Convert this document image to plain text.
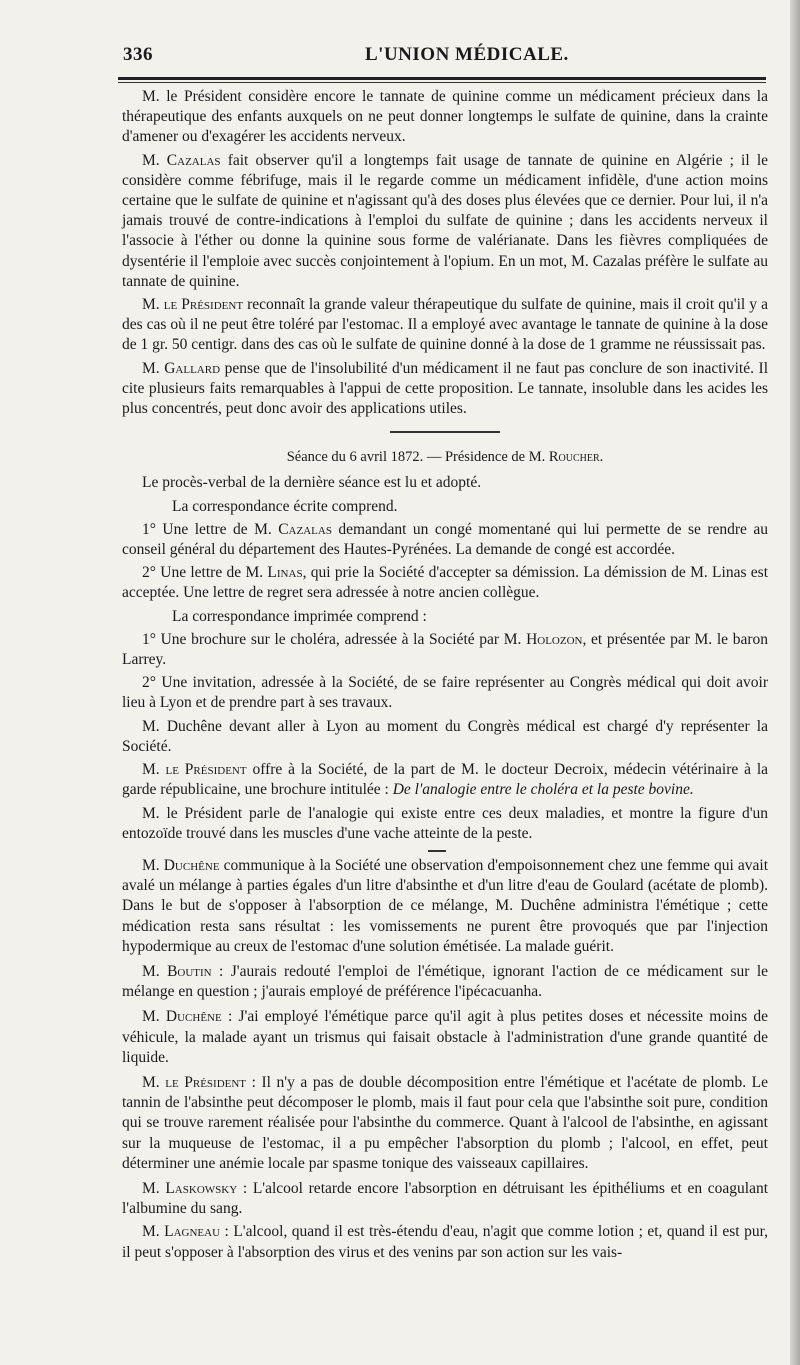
336	L'UNION MÉDICALE.

M. le Président considère encore le tannate de quinine comme un médicament précieux dans la thérapeutique des enfants auxquels on ne peut donner longtemps le sulfate de quinine, dans la crainte d'amener ou d'exagérer les accidents nerveux.

M. Cazalas fait observer qu'il a longtemps fait usage de tannate de quinine en Algérie ; il le considère comme fébrifuge, mais il le regarde comme un médicament infidèle, d'une action moins certaine que le sulfate de quinine et n'agissant qu'à des doses plus élevées que ce dernier. Pour lui, il n'a jamais trouvé de contre-indications à l'emploi du sulfate de quinine ; dans les accidents nerveux il l'associe à l'éther ou donne la quinine sous forme de valérianate. Dans les fièvres compliquées de dysentérie il l'emploie avec succès conjointement à l'opium. En un mot, M. Cazalas préfère le sulfate au tannate de quinine.

M. le Président reconnaît la grande valeur thérapeutique du sulfate de quinine, mais il croit qu'il y a des cas où il ne peut être toléré par l'estomac. Il a employé avec avantage le tannate de quinine à la dose de 1 gr. 50 centigr. dans des cas où le sulfate de quinine donné à la dose de 1 gramme ne réussissait pas.

M. Gallard pense que de l'insolubilité d'un médicament il ne faut pas conclure de son inactivité. Il cite plusieurs faits remarquables à l'appui de cette proposition. Le tannate, insoluble dans les acides les plus concentrés, peut donc avoir des applications utiles.

Séance du 6 avril 1872. — Présidence de M. Roucher.

Le procès-verbal de la dernière séance est lu et adopté.

La correspondance écrite comprend.

1° Une lettre de M. Cazalas demandant un congé momentané qui lui permette de se rendre au conseil général du département des Hautes-Pyrénées. La demande de congé est accordée.

2° Une lettre de M. Linas, qui prie la Société d'accepter sa démission. La démission de M. Linas est acceptée. Une lettre de regret sera adressée à notre ancien collègue.

La correspondance imprimée comprend :

1° Une brochure sur le choléra, adressée à la Société par M. Holozon, et présentée par M. le baron Larrey.

2° Une invitation, adressée à la Société, de se faire représenter au Congrès médical qui doit avoir lieu à Lyon et de prendre part à ses travaux.

M. Duchêne devant aller à Lyon au moment du Congrès médical est chargé d'y représenter la Société.

M. le Président offre à la Société, de la part de M. le docteur Decroix, médecin vétérinaire à la garde républicaine, une brochure intitulée : De l'analogie entre le choléra et la peste bovine.

M. le Président parle de l'analogie qui existe entre ces deux maladies, et montre la figure d'un entozoïde trouvé dans les muscles d'une vache atteinte de la peste.

M. Duchêne communique à la Société une observation d'empoisonnement chez une femme qui avait avalé un mélange à parties égales d'un litre d'absinthe et d'un litre d'eau de Goulard (acétate de plomb). Dans le but de s'opposer à l'absorption de ce mélange, M. Duchêne administra l'émétique ; cette médication resta sans résultat : les vomissements ne purent être provoqués que par l'injection hypodermique au creux de l'estomac d'une solution émétisée. La malade guérit.

M. Boutin : J'aurais redouté l'emploi de l'émétique, ignorant l'action de ce médicament sur le mélange en question ; j'aurais employé de préférence l'ipécacuanha.

M. Duchêne : J'ai employé l'émétique parce qu'il agit à plus petites doses et nécessite moins de véhicule, la malade ayant un trismus qui faisait obstacle à l'administration d'une grande quantité de liquide.

M. le Président : Il n'y a pas de double décomposition entre l'émétique et l'acétate de plomb. Le tannin de l'absinthe peut décomposer le plomb, mais il faut pour cela que l'absinthe soit pure, condition qui se trouve rarement réalisée pour l'absinthe du commerce. Quant à l'alcool de l'absinthe, en agissant sur la muqueuse de l'estomac, il a pu empêcher l'absorption du plomb ; l'alcool, en effet, peut déterminer une anémie locale par spasme tonique des vaisseaux capillaires.

M. Laskowsky : L'alcool retarde encore l'absorption en détruisant les épithéliums et en coagulant l'albumine du sang.

M. Lagneau : L'alcool, quand il est très-étendu d'eau, n'agit que comme lotion ; et, quand il est pur, il peut s'opposer à l'absorption des virus et des venins par son action sur les vais-
